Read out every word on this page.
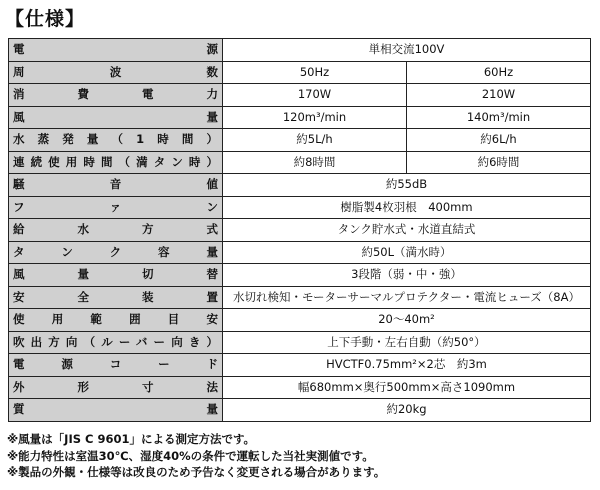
【仕様】
電源	単相交流100V	
周波数	50Hz	60Hz
消費電力	170W	210W
風量	120m³/min	140m³/min
水蒸発量（1時間）	約5L/h	約6L/h
連続使用時間（満タン時）	約8時間	約6時間
騒音値	約55dB	
ファン	樹脂製4枚羽根　400mm	
給水方式	タンク貯水式・水道直結式	
タンク容量	約50L（満水時）	
風量切替	3段階（弱・中・強）	
安全装置	水切れ検知・モーターサーマルプロテクター・電流ヒューズ（8A）	
使用範囲目安	20～40m²	
吹出方向（ルーバー向き）	上下手動・左右自動（約50°）	
電源コード	HVCTF0.75mm²×2芯　約3m	
外形寸法	幅680mm×奥行500mm×高さ1090mm	
質量	約20kg	
※風量は「JIS C 9601」による測定方法です。
※能力特性は室温30℃、湿度40%の条件で運転した当社実測値です。
※製品の外観・仕様等は改良のため予告なく変更される場合があります。
